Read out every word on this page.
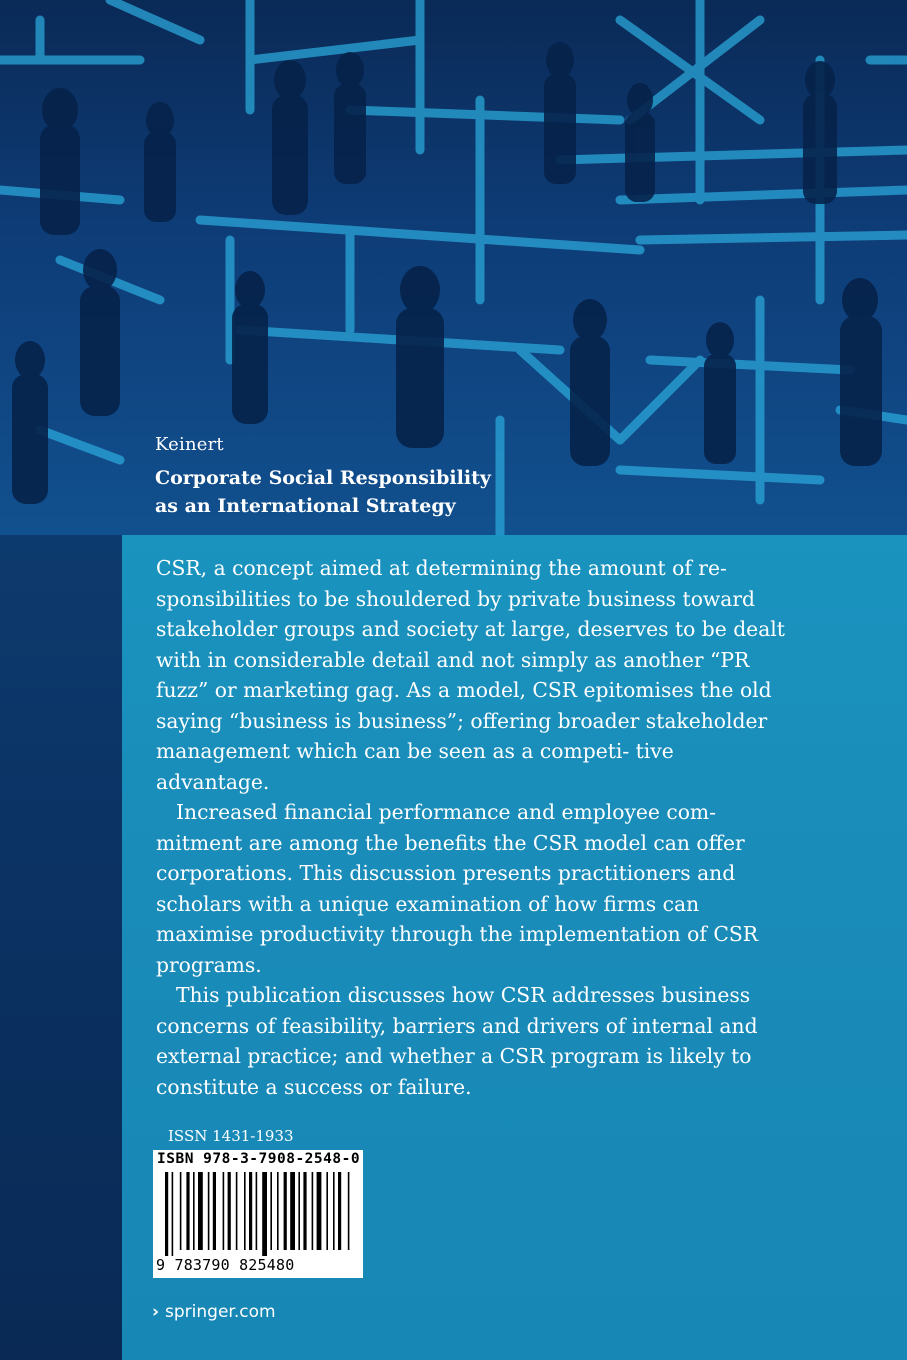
Keinert
Corporate Social Responsibility
as an International Strategy

CSR, a concept aimed at determining the amount of re- sponsibilities to be shouldered by private business toward stakeholder groups and society at large, deserves to be dealt with in considerable detail and not simply as another “PR fuzz” or marketing gag. As a model, CSR epitomises the old saying “business is business”; offering broader stakeholder management which can be seen as a competi- tive advantage.

Increased financial performance and employee com- mitment are among the benefits the CSR model can offer corporations. This discussion presents practitioners and scholars with a unique examination of how firms can maximise productivity through the implementation of CSR programs.

This publication discusses how CSR addresses business concerns of feasibility, barriers and drivers of internal and external practice; and whether a CSR program is likely to constitute a success or failure.

ISSN 1431-1933
ISBN 978-3-7908-2548-0
9 783790 825480
› springer.com
